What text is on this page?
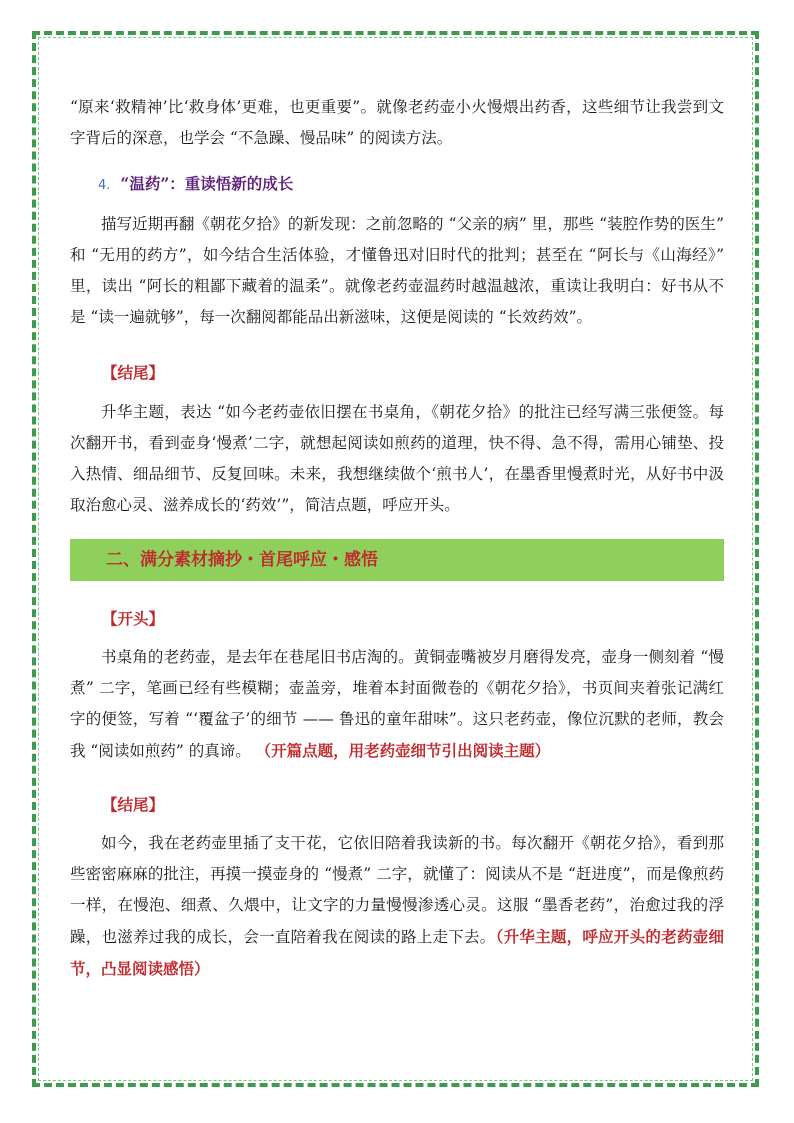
“原来‘救精神’比‘救身体’更难，也更重要”。就像老药壶小火慢煨出药香，这些细节让我尝到文字背后的深意，也学会 “不急躁、慢品味” 的阅读方法。

4. “温药”：重读悟新的成长

描写近期再翻《朝花夕拾》的新发现：之前忽略的 “父亲的病” 里，那些 “装腔作势的医生” 和 “无用的药方”，如今结合生活体验，才懂鲁迅对旧时代的批判；甚至在 “阿长与《山海经》” 里，读出 “阿长的粗鄙下藏着的温柔”。就像老药壶温药时越温越浓，重读让我明白：好书从不是 “读一遍就够”，每一次翻阅都能品出新滋味，这便是阅读的 “长效药效”。

【结尾】

升华主题，表达 “如今老药壶依旧摆在书桌角，《朝花夕拾》的批注已经写满三张便签。每次翻开书，看到壶身‘慢煮’二字，就想起阅读如煎药的道理，快不得、急不得，需用心铺垫、投入热情、细品细节、反复回味。未来，我想继续做个‘煎书人’，在墨香里慢煮时光，从好书中汲取治愈心灵、滋养成长的‘药效’”，简洁点题，呼应开头。

二、满分素材摘抄・首尾呼应・感悟
【开头】

书桌角的老药壶，是去年在巷尾旧书店淘的。黄铜壶嘴被岁月磨得发亮，壶身一侧刻着 “慢煮” 二字，笔画已经有些模糊；壶盖旁，堆着本封面微卷的《朝花夕拾》，书页间夹着张记满红字的便签，写着 “‘覆盆子’的细节 —— 鲁迅的童年甜味”。这只老药壶，像位沉默的老师，教会我 “阅读如煎药” 的真谛。 （开篇点题，用老药壶细节引出阅读主题）

【结尾】

如今，我在老药壶里插了支干花，它依旧陪着我读新的书。每次翻开《朝花夕拾》，看到那些密密麻麻的批注，再摸一摸壶身的 “慢煮” 二字，就懂了：阅读从不是 “赶进度”，而是像煎药一样，在慢泡、细煮、久煨中，让文字的力量慢慢渗透心灵。这服 “墨香老药”，治愈过我的浮躁，也滋养过我的成长，会一直陪着我在阅读的路上走下去。（升华主题，呼应开头的老药壶细节，凸显阅读感悟）
